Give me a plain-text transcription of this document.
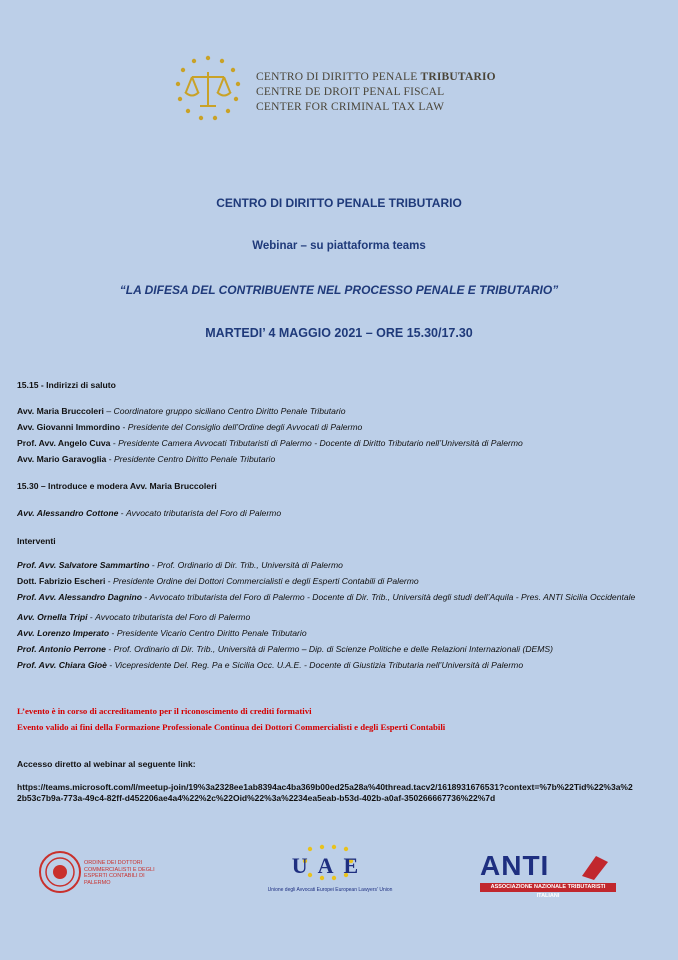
CENTRO DI DIRITTO PENALE TRIBUTARIO
CENTRE DE DROIT PENAL FISCAL
CENTER FOR CRIMINAL TAX LAW
CENTRO DI DIRITTO PENALE TRIBUTARIO
Webinar – su piattaforma teams
“LA DIFESA DEL CONTRIBUENTE NEL PROCESSO PENALE E TRIBUTARIO”
MARTEDI’ 4 MAGGIO 2021 – ORE 15.30/17.30
15.15 - Indirizzi di saluto
Avv. Maria Bruccoleri – Coordinatore gruppo siciliano Centro Diritto Penale Tributario
Avv. Giovanni Immordino - Presidente del Consiglio dell’Ordine degli Avvocati di Palermo
Prof. Avv. Angelo Cuva - Presidente Camera Avvocati Tributaristi di Palermo - Docente di Diritto Tributario nell’Università di Palermo
Avv. Mario Garavoglia - Presidente Centro Diritto Penale Tributario
15.30 – Introduce e modera Avv. Maria Bruccoleri
Avv. Alessandro Cottone - Avvocato tributarista del Foro di Palermo
Interventi
Prof. Avv. Salvatore Sammartino - Prof. Ordinario di Dir. Trib., Università di Palermo
Dott. Fabrizio Escheri - Presidente Ordine dei Dottori Commercialisti e degli Esperti Contabili di Palermo
Prof. Avv. Alessandro Dagnino - Avvocato tributarista del Foro di Palermo - Docente di Dir. Trib., Università degli studi dell’Aquila - Pres. ANTI Sicilia Occidentale
Avv. Ornella Tripi - Avvocato tributarista del Foro di Palermo
Avv. Lorenzo Imperato - Presidente Vicario Centro Diritto Penale Tributario
Prof. Antonio Perrone - Prof. Ordinario di Dir. Trib., Università di Palermo – Dip. di Scienze Politiche e delle Relazioni Internazionali (DEMS)
Prof. Avv. Chiara Gioè - Vicepresidente Del. Reg. Pa e Sicilia Occ. U.A.E. - Docente di Giustizia Tributaria nell’Università di Palermo
L’evento è in corso di accreditamento per il riconoscimento di crediti formativi
Evento valido ai fini della Formazione Professionale Continua dei Dottori Commercialisti e degli Esperti Contabili
Accesso diretto al webinar al seguente link:
https://teams.microsoft.com/l/meetup-join/19%3a2328ee1ab8394ac4ba369b00ed25a28a%40thread.tacv2/1618931676531?context=%7b%22Tid%22%3a%22b53c7b9a-773a-49c4-82ff-d452206ae4a4%22%2c%22Oid%22%3a%2234ea5eab-b53d-402b-a0af-350266667736%22%7d
ORDINE DEI DOTTORI COMMERCIALISTI E DEGLI ESPERTI CONTABILI DI PALERMO
UAE
Unione degli Avvocati Europei European Lawyers' Union
ANTI
ASSOCIAZIONE NAZIONALE TRIBUTARISTI ITALIANI
